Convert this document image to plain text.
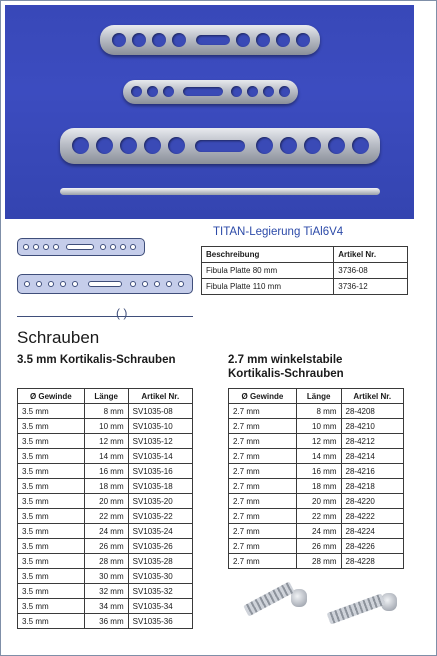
( )
TITAN-Legierung TiAl6V4
Beschreibung	Artikel Nr.
Fibula Platte 80 mm	3736-08
Fibula Platte 110 mm	3736-12
Schrauben
3.5 mm Kortikalis-Schrauben	2.7 mm winkelstabile
Kortikalis-Schrauben
Ø Gewinde	Länge	Artikel Nr.
3.5 mm	8 mm	SV1035-08
3.5 mm	10 mm	SV1035-10
3.5 mm	12 mm	SV1035-12
3.5 mm	14 mm	SV1035-14
3.5 mm	16 mm	SV1035-16
3.5 mm	18 mm	SV1035-18
3.5 mm	20 mm	SV1035-20
3.5 mm	22 mm	SV1035-22
3.5 mm	24 mm	SV1035-24
3.5 mm	26 mm	SV1035-26
3.5 mm	28 mm	SV1035-28
3.5 mm	30 mm	SV1035-30
3.5 mm	32 mm	SV1035-32
3.5 mm	34 mm	SV1035-34
3.5 mm	36 mm	SV1035-36
Ø Gewinde	Länge	Artikel Nr.
2.7 mm	8 mm	28-4208
2.7 mm	10 mm	28-4210
2.7 mm	12 mm	28-4212
2.7 mm	14 mm	28-4214
2.7 mm	16 mm	28-4216
2.7 mm	18 mm	28-4218
2.7 mm	20 mm	28-4220
2.7 mm	22 mm	28-4222
2.7 mm	24 mm	28-4224
2.7 mm	26 mm	28-4226
2.7 mm	28 mm	28-4228
